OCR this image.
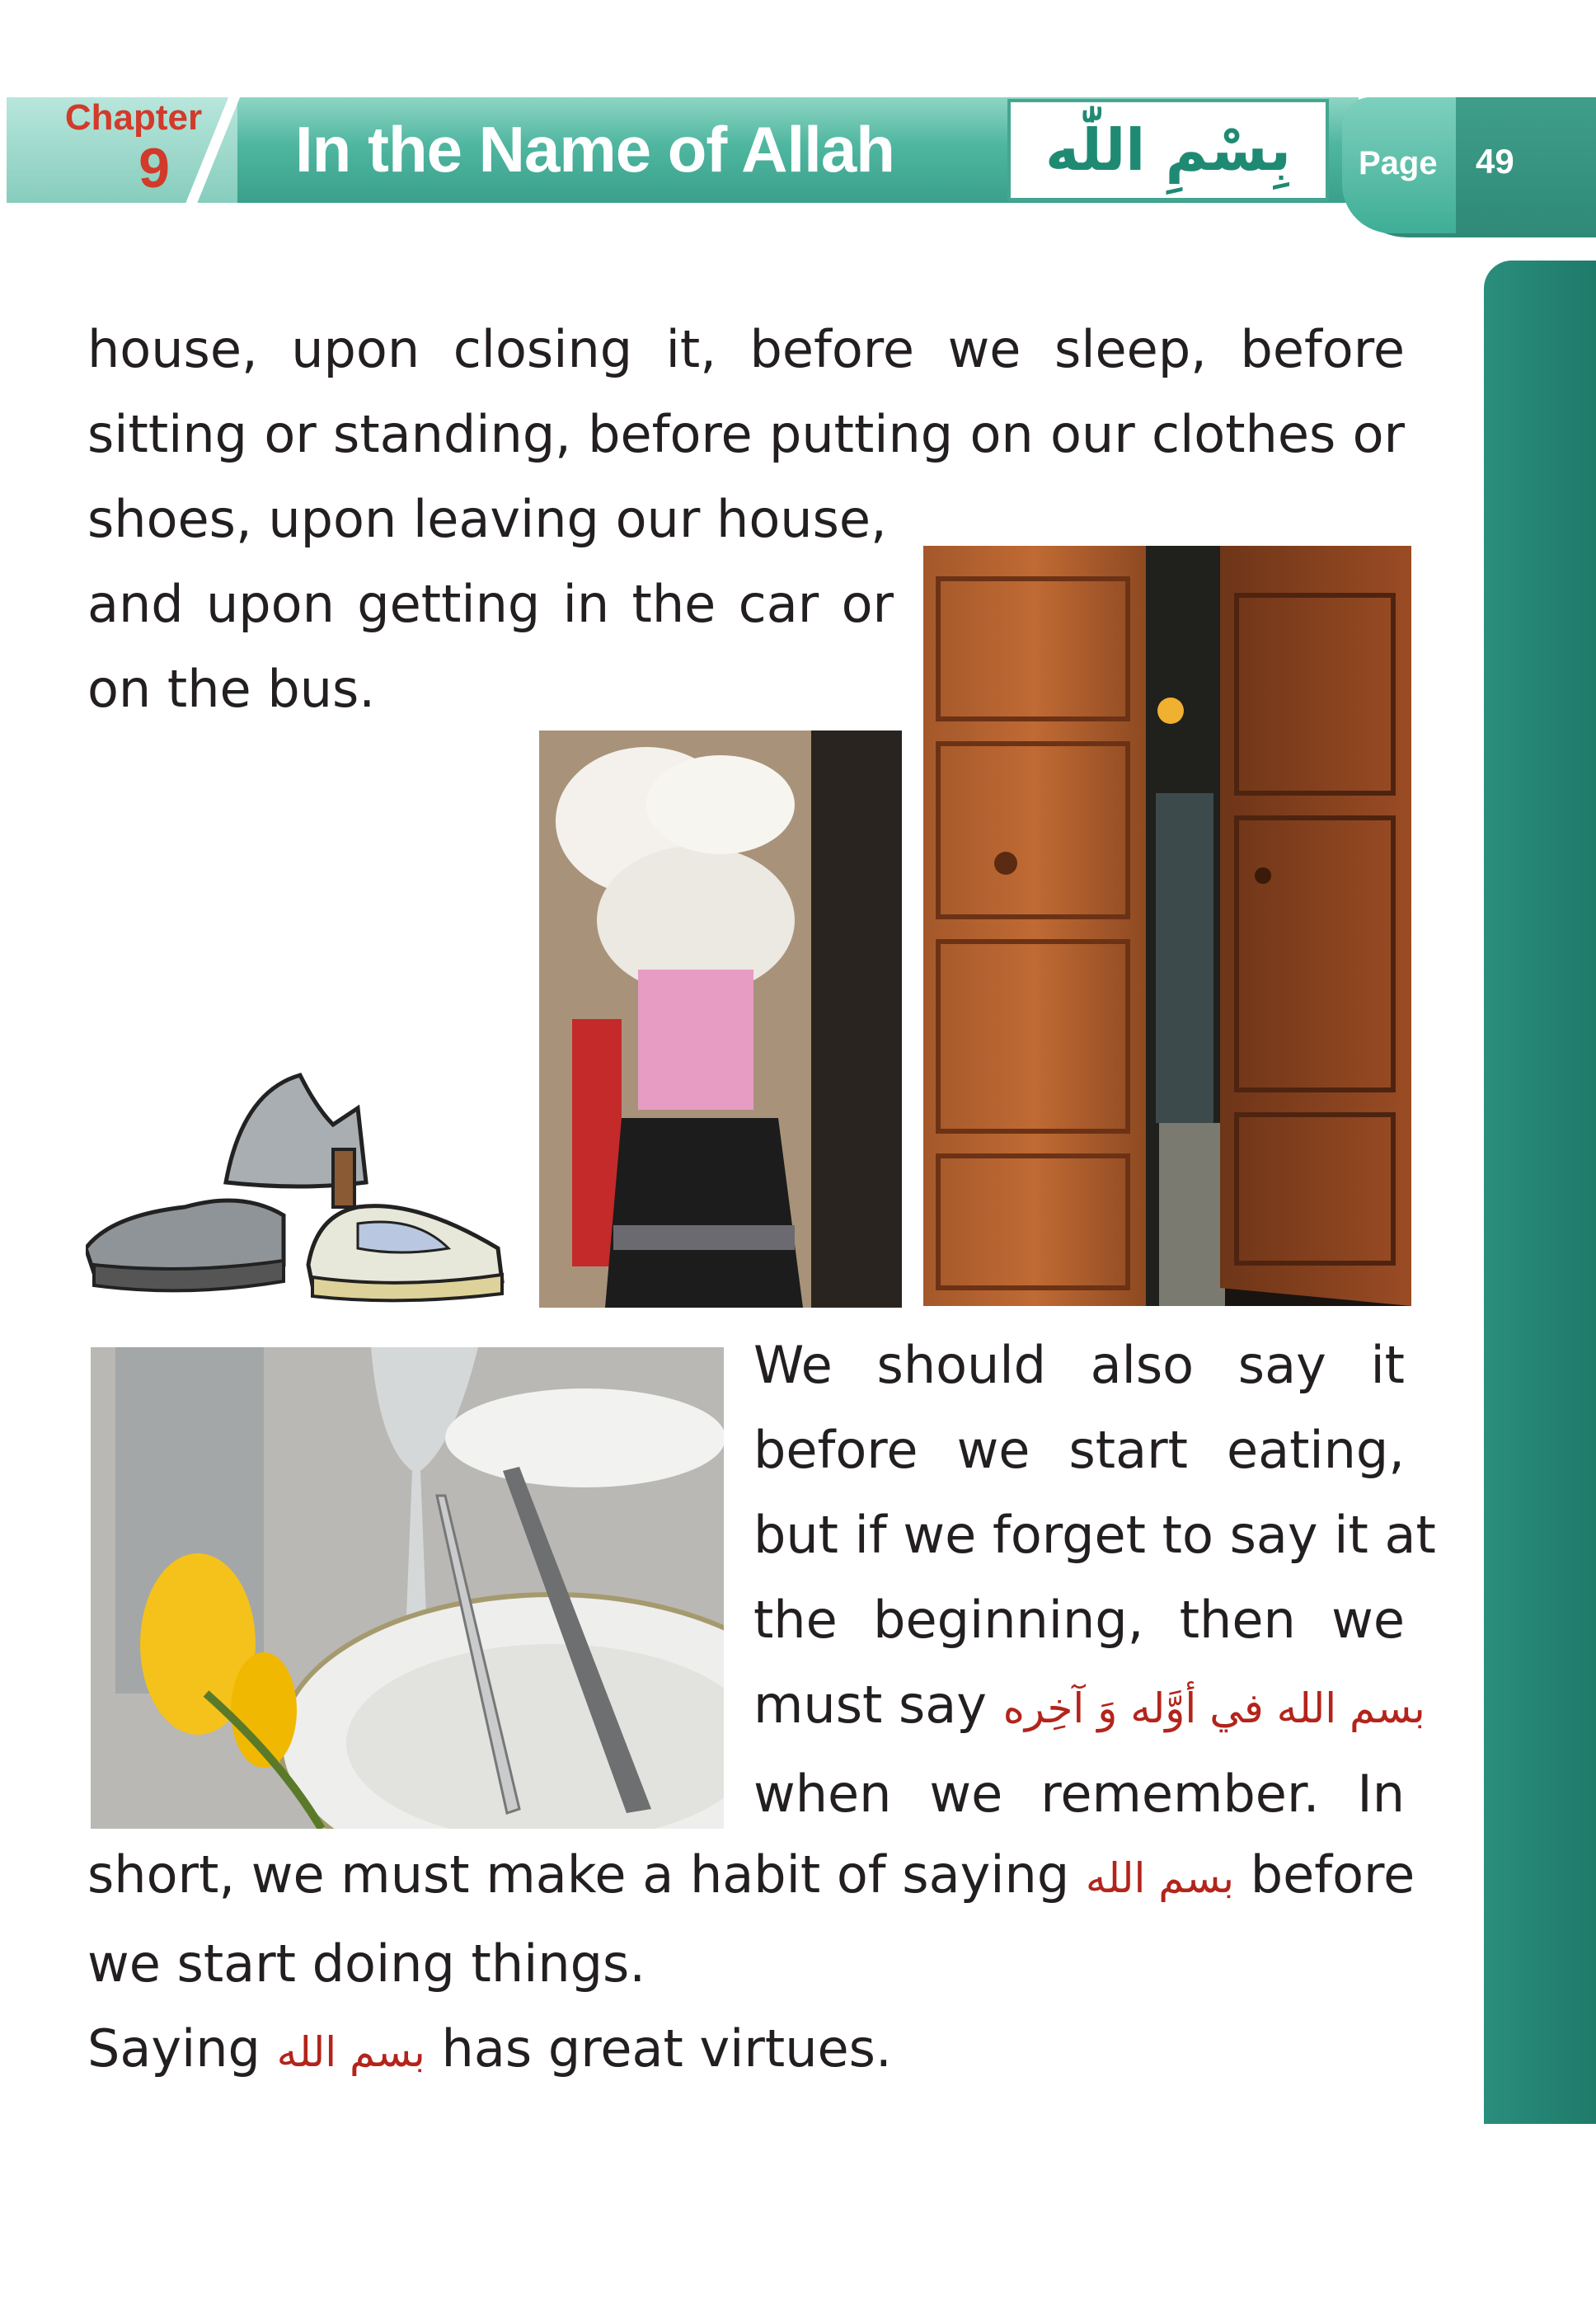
Chapter
9	In the Name of Allah	بِسْمِ اللّٰه Page 49
house, upon closing it, before we sleep, before
sitting or standing, before putting on our clothes or
shoes, upon leaving our house,
and upon getting in the car or
on the bus.
We should also say it
before we start eating,
but if we forget to say it at
the beginning, then we
must say بسم الله في أوَّله وَ آخِره
when we remember. In
short, we must make a habit of saying بسم الله before
we start doing things.
Saying بسم الله has great virtues.
